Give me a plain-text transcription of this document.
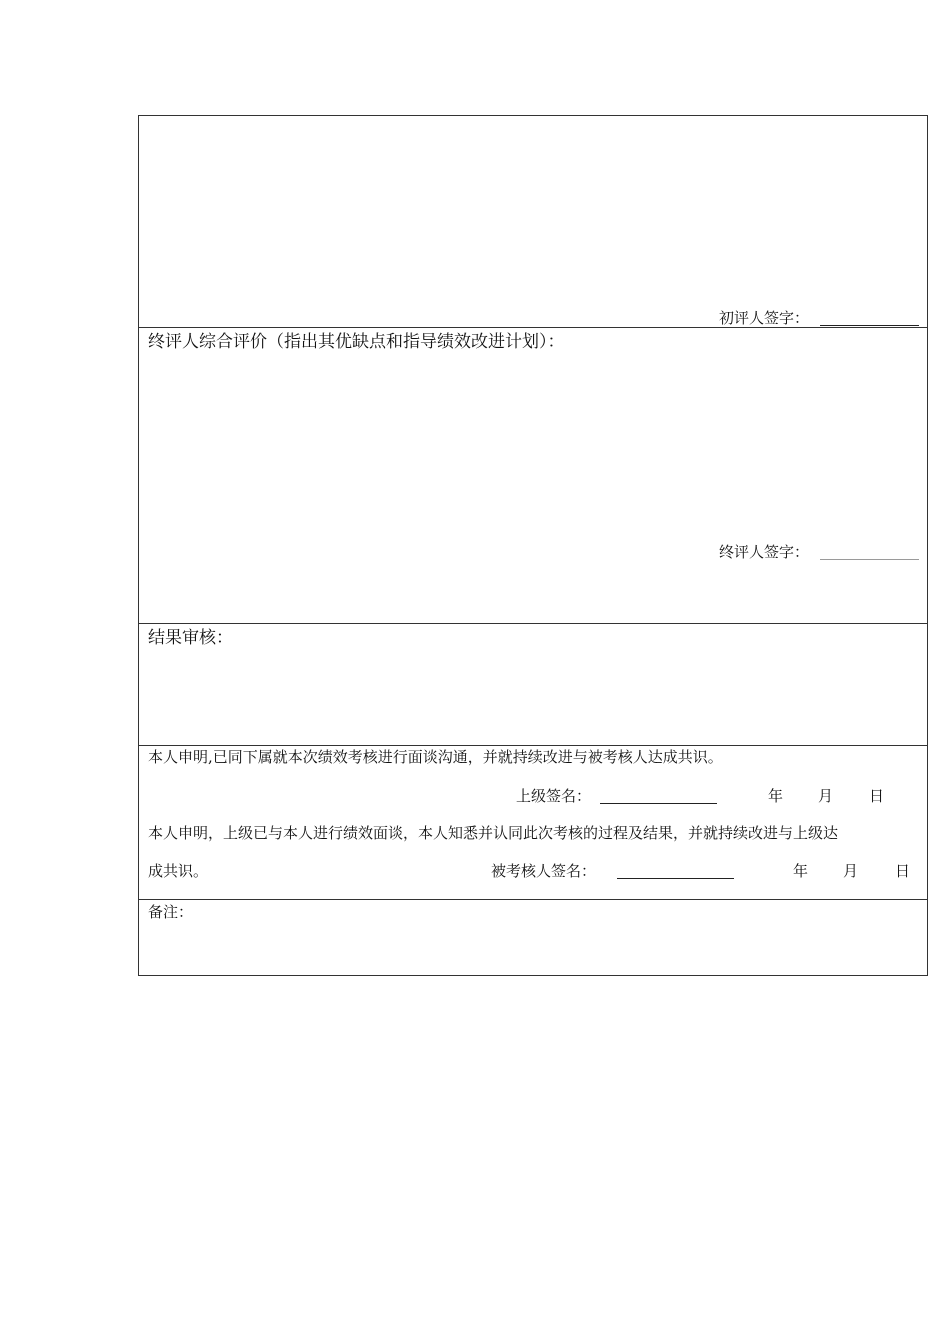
初评人签字：
终评人综合评价（指出其优缺点和指导绩效改进计划）：
终评人签字：
结果审核：
本人申明,已同下属就本次绩效考核进行面谈沟通，并就持续改进与被考核人达成共识。
上级签名：	年 月 日
本人申明，上级已与本人进行绩效面谈，本人知悉并认同此次考核的过程及结果，并就持续改进与上级达
成共识。	被考核人签名：	年 月 日
备注：
